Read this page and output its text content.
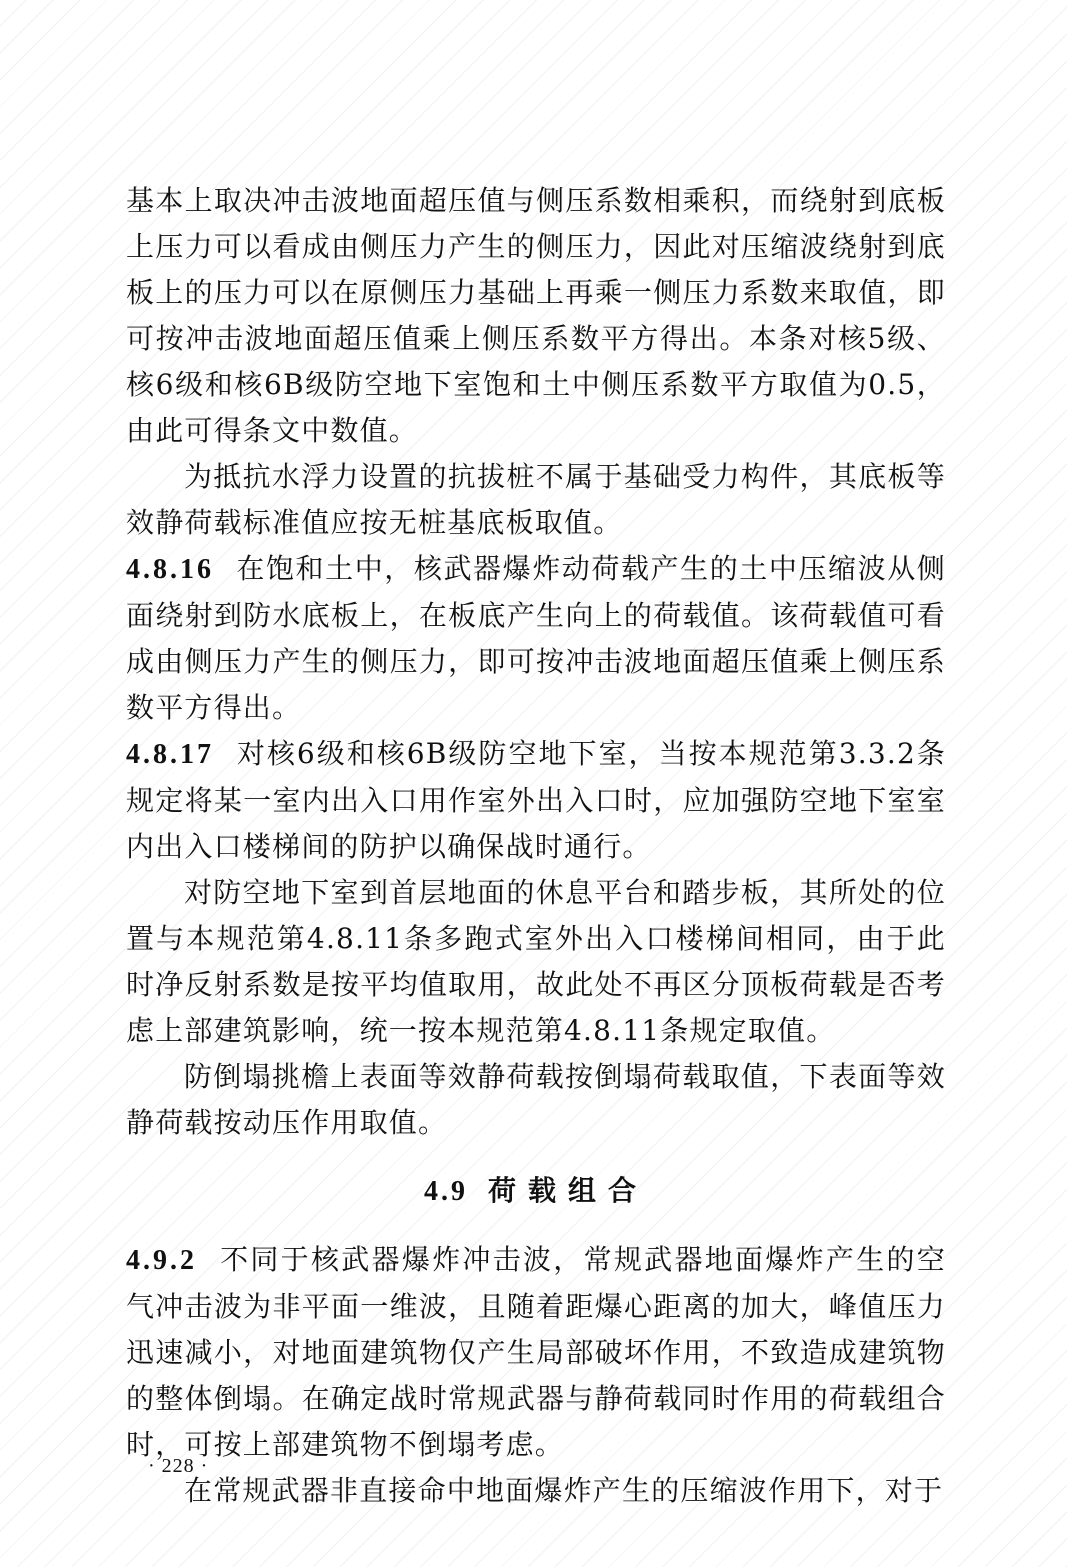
基本上取决冲击波地面超压值与侧压系数相乘积，而绕射到底板上压力可以看成由侧压力产生的侧压力，因此对压缩波绕射到底板上的压力可以在原侧压力基础上再乘一侧压力系数来取值，即可按冲击波地面超压值乘上侧压系数平方得出。本条对核5级、核6级和核6B级防空地下室饱和土中侧压系数平方取值为0.5，由此可得条文中数值。

为抵抗水浮力设置的抗拔桩不属于基础受力构件，其底板等效静荷载标准值应按无桩基底板取值。

4.8.16 在饱和土中，核武器爆炸动荷载产生的土中压缩波从侧面绕射到防水底板上，在板底产生向上的荷载值。该荷载值可看成由侧压力产生的侧压力，即可按冲击波地面超压值乘上侧压系数平方得出。

4.8.17 对核6级和核6B级防空地下室，当按本规范第3.3.2条规定将某一室内出入口用作室外出入口时，应加强防空地下室室内出入口楼梯间的防护以确保战时通行。

对防空地下室到首层地面的休息平台和踏步板，其所处的位置与本规范第4.8.11条多跑式室外出入口楼梯间相同，由于此时净反射系数是按平均值取用，故此处不再区分顶板荷载是否考虑上部建筑影响，统一按本规范第4.8.11条规定取值。

防倒塌挑檐上表面等效静荷载按倒塌荷载取值，下表面等效静荷载按动压作用取值。

4.9 荷载组合

4.9.2 不同于核武器爆炸冲击波，常规武器地面爆炸产生的空气冲击波为非平面一维波，且随着距爆心距离的加大，峰值压力迅速减小，对地面建筑物仅产生局部破坏作用，不致造成建筑物的整体倒塌。在确定战时常规武器与静荷载同时作用的荷载组合时，可按上部建筑物不倒塌考虑。

在常规武器非直接命中地面爆炸产生的压缩波作用下，对于

· 228 ·
